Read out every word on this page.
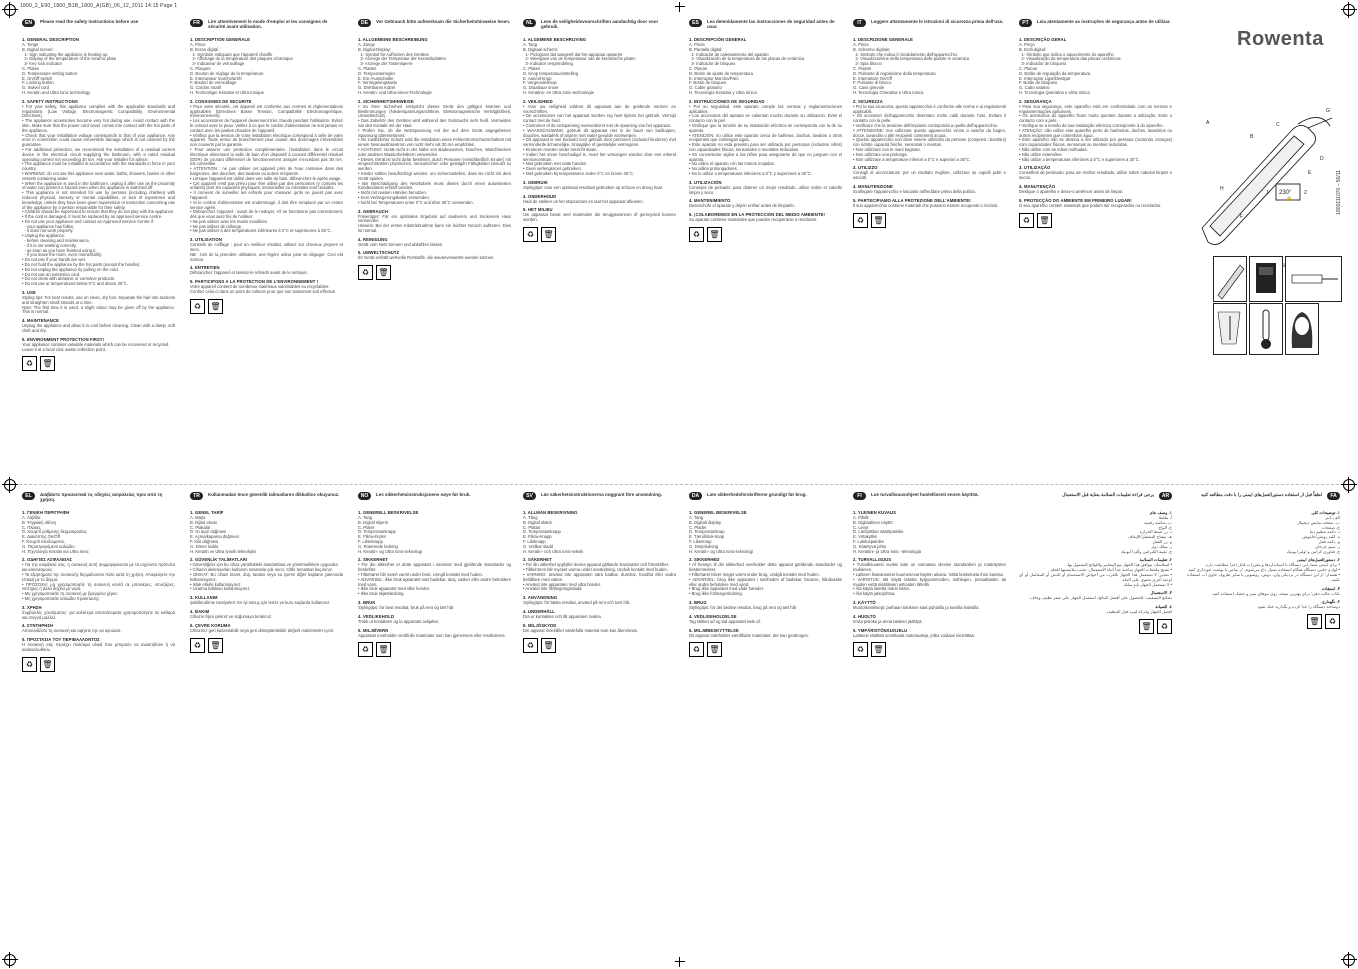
1800_2_E90_1800_B1B_1800_A(GB)_06_12_2011 14:15 Page 1
EN	Please read the safety instructions before use
1. GENERAL DESCRIPTION
A. Tongs
B. Digital screen:
1- Sign indicating the appliance is heating up
2- Display of the temperature of the ceramic plate
3- Key lock indicator
C. Plates
D. Temperature setting button
E. On/Off switch
F. Locking button
G. Swivel cord
H. Keratin and Ultra Ionic technology
2. SAFETY INSTRUCTIONS
• For your safety, this appliance complies with the applicable standards and regulations (Low Voltage, Electromagnetic Compatibility, Environmental Directives).
• The appliance accessories become very hot during use. Avoid contact with the skin. Make sure that the power cord never comes into contact with the hot parts of the appliance.
• Check that your installation voltage corresponds to that of your appliance. Any error in connection could cause irreversible damage which is not covered by the guarantee.
• For additional protection, we recommend the installation of a residual current device in the electrical circuit supplying the bathroom, with a rated residual operating current not exceeding 30 mA. Ask your installer for advice.
• The appliance must be installed in accordance with the standards in force in your country.
• WARNING: do not use this appliance near water, baths, showers, basins or other vessels containing water.
• When the appliance is used in the bathroom, unplug it after use as the proximity of water can present a hazard even when the appliance is switched off.
• This appliance is not intended for use by persons (including children) with reduced physical, sensory or mental capabilities, or lack of experience and knowledge, unless they have been given supervision or instruction concerning use of the appliance by a person responsible for their safety.
• Children should be supervised to ensure that they do not play with the appliance.
• If the cord is damaged, it must be replaced by an approved service centre.
• Do not use your appliance and contact an Approved Service Centre if:
- your appliance has fallen,
- it does not work properly.
• Unplug the appliance:
- before cleaning and maintenance,
- if it is not working correctly,
- as soon as you have finished using it,
- if you leave the room, even momentarily.
• Do not use if your hands are wet.
• Do not hold the appliance by the hot parts (except the handle).
• Do not unplug the appliance by pulling on the cord.
• Do not use an extension cord.
• Do not clean with abrasive or corrosive products.
• Do not use at temperatures below 0°C and above 35°C.
3. USE
Styling tips: For best results, use on clean, dry hair. Separate the hair into sections and straighten small strands at a time.
Note: The first time it is used, a slight odour may be given off by the appliance. This is normal.
4. MAINTENANCE
Unplug the appliance and allow it to cool before cleaning. Clean with a damp, soft cloth and dry.
5. ENVIRONMENT PROTECTION FIRST!
Your appliance contains valuable materials which can be recovered or recycled.
Leave it at a local civic waste collection point.
♻	🗑
FR	Lire attentivement le mode d'emploi et les consignes de sécurité avant utilisation.
1. DESCRIPTION GENERALE
A. Pince
B. Ecran digital :
1- Symbole indiquant que l'appareil chauffe
2- Affichage de la température des plaques céramique
3- Indicateur de verrouillage
C. Plaques
D. Bouton de réglage de la température
E. Interrupteur marche/arrêt
F. Bouton de verrouillage
G. Cordon rotatif
H. Technologie Kératine et Ultra Ionique
2. CONSIGNES DE SECURITE
• Pour votre sécurité, cet appareil est conforme aux normes et réglementations applicables (Directives Basse Tension, Compatibilité Electromagnétique, Environnement).
• Les accessoires de l'appareil deviennent très chauds pendant l'utilisation. Evitez le contact avec la peau. Veillez à ce que le cordon d'alimentation ne soit jamais en contact avec les parties chaudes de l'appareil.
• Vérifiez que la tension de votre installation électrique correspond à celle de votre appareil. Toute erreur de branchement peut causer des dommages irréversibles non couverts par la garantie.
• Pour assurer une protection complémentaire, l'installation dans le circuit électrique alimentant la salle de bain d'un dispositif à courant différentiel résiduel (DDR) de courant différentiel de fonctionnement assigné n'excédant pas 30 mA, est conseillée.
• ATTENTION : ne pas utiliser cet appareil près de l'eau contenue dans des baignoires, des douches, des lavabos ou autres récipients.
• Lorsque l'appareil est utilisé dans une salle de bain, débranchez-le après usage.
• Cet appareil n'est pas prévu pour être utilisé par des personnes (y compris les enfants) dont les capacités physiques, sensorielles ou mentales sont réduites.
• Il convient de surveiller les enfants pour s'assurer qu'ils ne jouent pas avec l'appareil.
• Si le cordon d'alimentation est endommagé, il doit être remplacé par un centre service agréé.
• Débranchez l'appareil : avant de le nettoyer, s'il ne fonctionne pas correctement, dès que vous avez fini de l'utiliser.
• Ne pas utiliser avec les mains mouillées.
• Ne pas utiliser de rallonge.
• Ne pas utiliser à des températures inférieures à 0°C et supérieures à 35°C.
3. UTILISATION
Conseils de coiffage : pour un meilleur résultat, utilisez sur cheveux propres et secs.
NB : lors de la première utilisation, une légère odeur peut se dégager. Ceci est normal.
4. ENTRETIEN
Débranchez l'appareil et laissez-le refroidir avant de le nettoyer.
5. PARTICIPONS A LA PROTECTION DE L'ENVIRONNEMENT !
Votre appareil contient de nombreux matériaux valorisables ou recyclables.
Confiez celui-ci dans un point de collecte pour que son traitement soit effectué.
♻	🗑
DE	Vor Gebrauch bitte aufmerksam die Sicherheitshinweise lesen.
1. ALLGEMEINE BESCHREIBUNG
A. Zange
B. Digital-Display:
1- Symbol für Aufheizen des Gerätes
2- Anzeige der Temperatur der Keramikplatten
3- Anzeige der Tastensperre
C. Platten
D. Temperaturregler
E. Ein-/Ausschalter
F. Verriegelungstaste
G. Drehbares Kabel
H. Keratin- und Ultra-Ionen-Technologie
2. SICHERHEITSHINWEISE
• Zu Ihrer Sicherheit entspricht dieses Gerät den gültigen Normen und Bestimmungen (Niederspannungsrichtlinie, Elektromagnetische Verträglichkeit, Umweltschutz).
• Das Zubehör des Gerätes wird während des Gebrauchs sehr heiß. Vermeiden Sie den Kontakt mit der Haut.
• Prüfen Sie, ob die Netzspannung mit der auf dem Gerät angegebenen Spannung übereinstimmt.
• Als zusätzlicher Schutz wird die Installation eines Fehlerstromschutzschalters mit einem Nennauslösestrom von nicht mehr als 30 mA empfohlen.
• ACHTUNG: Gerät nicht in der Nähe von Badewannen, Duschen, Waschbecken oder anderen Wasserbehältern verwenden.
• Dieses Gerät ist nicht dafür bestimmt, durch Personen (einschließlich Kinder) mit eingeschränkten physischen, sensorischen oder geistigen Fähigkeiten benutzt zu werden.
• Kinder sollten beaufsichtigt werden, um sicherzustellen, dass sie nicht mit dem Gerät spielen.
• Bei Beschädigung des Netzkabels muss dieses durch einen autorisierten Kundendienst ersetzt werden.
• Nicht mit nassen Händen benutzen.
• Kein Verlängerungskabel verwenden.
• Nicht bei Temperaturen unter 0°C und über 35°C verwenden.
3. GEBRAUCH
Frisiertipps: Für ein optimales Ergebnis auf sauberem und trockenem Haar verwenden.
Hinweis: Bei der ersten Inbetriebnahme kann ein leichter Geruch auftreten. Dies ist normal.
4. REINIGUNG
Gerät vom Netz trennen und abkühlen lassen.
5. UMWELTSCHUTZ
Ihr Gerät enthält wertvolle Rohstoffe, die wiederverwertet werden können.
♻	🗑
NL	Lees de veiligheidsvoorschriften aandachtig door voor gebruik.
1. ALGEMENE BESCHRIJVING
A. Tang
B. Digitaal scherm:
1- Pictogram dat aangeeft dat het apparaat opwarmt
2- Weergave van de temperatuur van de keramische platen
3- Indicator vergrendeling
C. Platen
D. Knop temperatuurinstelling
E. Aan/uit-knop
F. Vergrendelknop
G. Draaibaar snoer
H. Keratine- en Ultra Ionic-technologie
2. VEILIGHEID
• Voor uw veiligheid voldoet dit apparaat aan de geldende normen en voorschriften.
• De accessoires van het apparaat worden erg heet tijdens het gebruik. Vermijd contact met de huid.
• Controleer of de netspanning overeenkomt met de spanning van het apparaat.
• WAARSCHUWING: gebruik dit apparaat niet in de buurt van badkuipen, douches, wastafels of andere met water gevulde voorwerpen.
• Dit apparaat is niet bedoeld voor gebruik door personen (inclusief kinderen) met verminderde lichamelijke, zintuiglijke of geestelijke vermogens.
• Kinderen moeten onder toezicht staan.
• Indien het snoer beschadigd is, moet het vervangen worden door een erkend servicecentrum.
• Niet gebruiken met natte handen.
• Geen verlengsnoer gebruiken.
• Niet gebruiken bij temperaturen onder 0°C en boven 35°C.
3. GEBRUIK
Stylingtips: voor een optimaal resultaat gebruiken op schoon en droog haar.
4. ONDERHOUD
Haal de stekker uit het stopcontact en laat het apparaat afkoelen.
5. HET MILIEU
Uw apparaat bevat veel materialen die teruggewonnen of gerecycled kunnen worden.
♻	🗑
ES	Lea detenidamente las instrucciones de seguridad antes de usar.
1. DESCRIPCIÓN GENERAL
A. Pinza
B. Pantalla digital:
1- Indicador de calentamiento del aparato
2- Visualización de la temperatura de las placas de cerámica
3- Indicador de bloqueo
C. Placas
D. Botón de ajuste de temperatura
E. Interruptor Marcha/Paro
F. Botón de bloqueo
G. Cable giratorio
H. Tecnología Keratina y Ultra Iónica
2. INSTRUCCIONES DE SEGURIDAD
• Por su seguridad, este aparato cumple las normas y reglamentaciones aplicables.
• Los accesorios del aparato se calientan mucho durante su utilización. Evite el contacto con la piel.
• Verifique que la tensión de su instalación eléctrica se corresponda con la de su aparato.
• ATENCIÓN: no utilice este aparato cerca de bañeras, duchas, lavabos u otros recipientes que contengan agua.
• Este aparato no está previsto para ser utilizado por personas (incluidos niños) con capacidades físicas, sensoriales o mentales reducidas.
• Es conveniente vigilar a los niños para asegurarse de que no jueguen con el aparato.
• No utilice el aparato con las manos mojadas.
• No utilice prolongadores.
• No lo utilice a temperaturas inferiores a 0°C y superiores a 35°C.
3. UTILIZACIÓN
Consejos de peinado: para obtener un mejor resultado, utilice sobre el cabello limpio y seco.
4. MANTENIMIENTO
Desenchufe el aparato y déjelo enfriar antes de limpiarlo.
5. ¡COLABOREMOS EN LA PROTECCIÓN DEL MEDIO AMBIENTE!
Su aparato contiene materiales que pueden recuperarse o reciclarse.
♻	🗑
IT	Leggere attentamente le istruzioni di sicurezza prima dell'uso.
1. DESCRIZIONE GENERALE
A. Pinza
B. Schermo digitale:
1- Simbolo che indica il riscaldamento dell'apparecchio
2- Visualizzazione della temperatura delle piastre in ceramica
3- Spia blocco
C. Piastre
D. Pulsante di regolazione della temperatura
E. Interruttore On/Off
F. Pulsante di blocco
G. Cavo girevole
H. Tecnologia Cheratina e Ultra Ionica
2. SICUREZZA
• Per la sua sicurezza, questo apparecchio è conforme alle norme e ai regolamenti applicabili.
• Gli accessori dell'apparecchio diventano molto caldi durante l'uso. Evitare il contatto con la pelle.
• Verificare che la tensione dell'impianto corrisponda a quella dell'apparecchio.
• ATTENZIONE: non utilizzare questo apparecchio vicino a vasche da bagno, docce, lavandini o altri recipienti contenenti acqua.
• Questo apparecchio non deve essere utilizzato da persone (compresi i bambini) con ridotte capacità fisiche, sensoriali o mentali.
• Non utilizzare con le mani bagnate.
• Non utilizzare una prolunga.
• Non utilizzare a temperature inferiori a 0°C e superiori a 35°C.
3. UTILIZZO
Consigli di acconciatura: per un risultato migliore, utilizzare su capelli puliti e asciutti.
4. MANUTENZIONE
Scollegare l'apparecchio e lasciarlo raffreddare prima della pulizia.
5. PARTECIPIAMO ALLA PROTEZIONE DELL'AMBIENTE!
Il suo apparecchio contiene materiali che possono essere recuperati o riciclati.
♻	🗑
PT	Leia atentamente as instruções de segurança antes de utilizar.
1. DESCRIÇÃO GERAL
A. Pinça
B. Ecrã digital:
1- Símbolo que indica o aquecimento do aparelho
2- Visualização da temperatura das placas cerâmicas
3- Indicador de bloqueio
C. Placas
D. Botão de regulação da temperatura
E. Interruptor Ligar/Desligar
F. Botão de bloqueio
G. Cabo rotativo
H. Tecnologia Queratina e Ultra Iónica
2. SEGURANÇA
• Para sua segurança, este aparelho está em conformidade com as normas e regulamentações aplicáveis.
• Os acessórios do aparelho ficam muito quentes durante a utilização. Evite o contacto com a pele.
• Verifique se a tensão da sua instalação eléctrica corresponde à do aparelho.
• ATENÇÃO: não utilize este aparelho perto de banheiras, duches, lavatórios ou outros recipientes que contenham água.
• Este aparelho não se destina a ser utilizado por pessoas (incluindo crianças) com capacidades físicas, sensoriais ou mentais reduzidas.
• Não utilize com as mãos molhadas.
• Não utilize extensões.
• Não utilize a temperaturas inferiores a 0°C e superiores a 35°C.
3. UTILIZAÇÃO
Conselhos de penteado: para um melhor resultado, utilize sobre cabelos limpos e secos.
4. MANUTENÇÃO
Desligue o aparelho e deixe-o arrefecer antes de limpar.
5. PROTECÇÃO DO AMBIENTE EM PRIMEIRO LUGAR!
O seu aparelho contém materiais que podem ser recuperados ou reciclados.
♻	🗑
EL	Διαβάστε προσεκτικά τις οδηγίες ασφαλείας πριν από τη χρήση.
1. ΓΕΝΙΚΗ ΠΕΡΙΓΡΑΦΗ
A. Λαβίδα
B. Ψηφιακή οθόνη
C. Πλάκες
D. Κουμπί ρύθμισης θερμοκρασίας
E. Διακόπτης On/Off
F. Κουμπί κλειδώματος
G. Περιστρεφόμενο καλώδιο
H. Τεχνολογία Keratin και Ultra Ionic
2. ΟΔΗΓΙΕΣ ΑΣΦΑΛΕΙΑΣ
• Για την ασφάλειά σας, η συσκευή αυτή συμμορφώνεται με τα ισχύοντα πρότυπα και κανονισμούς.
• Τα εξαρτήματα της συσκευής θερμαίνονται πολύ κατά τη χρήση. Αποφεύγετε την επαφή με το δέρμα.
• ΠΡΟΣΟΧΗ: μη χρησιμοποιείτε τη συσκευή κοντά σε μπανιέρες, ντουζιέρες, νιπτήρες ή άλλα δοχεία με νερό.
• Μη χρησιμοποιείτε τη συσκευή με βρεγμένα χέρια.
• Μη χρησιμοποιείτε καλώδιο προέκτασης.
3. ΧΡΗΣΗ
Συμβουλές χτενίσματος: για καλύτερα αποτελέσματα χρησιμοποιήστε σε καθαρά και στεγνά μαλλιά.
4. ΣΥΝΤΗΡΗΣΗ
Αποσυνδέστε τη συσκευή και αφήστε την να κρυώσει.
5. ΠΡΟΣΤΑΣΙΑ ΤΟΥ ΠΕΡΙΒΑΛΛΟΝΤΟΣ
Η συσκευή σας περιέχει πολύτιμα υλικά που μπορούν να ανακτηθούν ή να ανακυκλωθούν.
♻	🗑
TR	Kullanmadan önce güvenlik talimatlarını dikkatlice okuyunuz.
1. GENEL TARİF
A. Maşa
B. Dijital ekran
C. Plakalar
D. Isı ayar düğmesi
E. Açma/kapama düğmesi
F. Kilit düğmesi
G. Döner kablo
H. Keratin ve Ultra İyonik teknolojisi
2. GÜVENLİK TALİMATLARI
• Güvenliğiniz için bu cihaz yürürlükteki standartlara ve yönetmeliklere uygundur.
• Cihazın aksesuarları kullanım sırasında çok ısınır. Ciltle temastan kaçınınız.
• DİKKAT: Bu cihazı küvet, duş, lavabo veya su içeren diğer kapların yakınında kullanmayınız.
• Islak ellerle kullanmayınız.
• Uzatma kablosu kullanmayınız.
3. KULLANIM
Şekillendirme tavsiyeleri: En iyi sonuç için temiz ve kuru saçlarda kullanınız.
4. BAKIM
Cihazın fişini çekiniz ve soğumaya bırakınız.
5. ÇEVRE KORUMA
Cihazınız geri kazanılabilir veya geri dönüştürülebilir değerli malzemeler içerir.
♻	🗑
NO	Les sikkerhetsinstruksjonene nøye før bruk.
1. GENERELL BESKRIVELSE
A. Tang
B. Digital skjerm
C. Plater
D. Temperaturknapp
E. På/av-bryter
F. Låseknapp
G. Roterende ledning
H. Keratin- og Ultra Ionic-teknologi
2. SIKKERHET
• For din sikkerhet er dette apparatet i samsvar med gjeldende standarder og forskrifter.
• Tilbehøret blir svært varmt under bruk. Unngå kontakt med huden.
• ADVARSEL: ikke bruk apparatet nær badekar, dusj, vasker eller andre beholdere med vann.
• Ikke bruk apparatet med våte hender.
• Ikke bruk skjøteledning.
3. BRUK
Stylingtips: for best resultat, bruk på rent og tørt hår.
4. VEDLIKEHOLD
Trekk ut kontakten og la apparatet avkjøles.
5. MILJØVERN
Apparatet inneholder verdifulle materialer som kan gjenvinnes eller resirkuleres.
♻	🗑
SV	Läs säkerhetsinstruktionerna noggrant före användning.
1. ALLMÄN BESKRIVNING
A. Tång
B. Digital skärm
C. Plattor
D. Temperaturknapp
E. På/av-knapp
F. Låsknapp
G. Vridbar sladd
H. Keratin- och Ultra Ionic-teknik
2. SÄKERHET
• För din säkerhet uppfyller denna apparat gällande standarder och föreskrifter.
• Tillbehören blir mycket varma under användning. Undvik kontakt med huden.
• VARNING: använd inte apparaten nära badkar, duschar, handfat eller andra behållare med vatten.
• Använd inte apparaten med våta händer.
• Använd inte förlängningssladd.
3. ANVÄNDNING
Stylingtips: för bästa resultat, använd på rent och torrt hår.
4. UNDERHÅLL
Dra ur kontakten och låt apparaten svalna.
5. MILJÖSKYDD
Din apparat innehåller värdefulla material som kan återvinnas.
♻	🗑
DA	Læs sikkerhedsforskrifterne grundigt før brug.
1. GENEREL BESKRIVELSE
A. Tang
B. Digitalt display
C. Plader
D. Temperaturknap
E. Tænd/sluk-knap
F. Låseknap
G. Drejeledning
H. Keratin- og Ultra Ionic-teknologi
2. SIKKERHED
• Af hensyn til din sikkerhed overholder dette apparat gældende standarder og bestemmelser.
• Tilbehøret bliver meget varmt under brug. Undgå kontakt med huden.
• ADVARSEL: brug ikke apparatet i nærheden af badekar, brusere, håndvaske eller andre beholdere med vand.
• Brug ikke apparatet med våde hænder.
• Brug ikke forlængerledning.
3. BRUG
Stylingtips: for det bedste resultat, brug på rent og tørt hår.
4. VEDLIGEHOLDELSE
Tag stikket ud og lad apparatet køle af.
5. MILJØBESKYTTELSE
Dit apparat indeholder værdifulde materialer, der kan genbruges.
♻	🗑
FI	Lue turvallisuusohjeet huolellisesti ennen käyttöä.
1. YLEINEN KUVAUS
A. Pihdit
B. Digitaalinen näyttö
C. Levyt
D. Lämpötilan säätöpainike
E. Virtakytkin
F. Lukituspainike
G. Kääntyvä johto
H. Keratiini- ja Ultra Ionic -teknologia
2. TURVALLISUUS
• Turvallisuutesi vuoksi laite on voimassa olevien standardien ja määräysten mukainen.
• Laitteen lisävarusteet kuumenevat käytön aikana. Vältä kosketusta ihon kanssa.
• VAROITUS: älä käytä laitetta kylpyammeiden, suihkujen, pesualtaiden tai muiden vettä sisältävien astioiden lähellä.
• Älä käytä laitetta märin käsin.
• Älä käytä jatkojohtoa.
3. KÄYTTÖ
Muotoiluvinkkejä: parhaan tuloksen saat puhtailla ja kuivilla hiuksilla.
4. HUOLTO
Irrota pistoke ja anna laitteen jäähtyä.
5. YMPÄRISTÖNSUOJELU
Laitteesi sisältää arvokkaita materiaaleja, jotka voidaan kierrättää.
♻	🗑
AR
يرجى قراءة تعليمات السلامة بعناية قبل الاستعمال
١. وصف عام
أ. ملقط
ب. شاشة رقمية
ج. ألواح
د. زر ضبط الحرارة
هـ. مفتاح التشغيل/الإيقاف
و. زر القفل
ز. سلك دوار
ح. تقنية الكيراتين وألترا أيونيك
٢. تعليمات السلامة
• لسلامتك، يتوافق هذا الجهاز مع المعايير واللوائح المعمول بها.
• تصبح ملحقات الجهاز ساخنة جداً أثناء الاستعمال. تجنب ملامستها للجلد.
• تحذير: لا تستعمل هذا الجهاز بالقرب من أحواض الاستحمام أو الدش أو المغاسل أو أي أوعية أخرى تحتوي على الماء.
• لا تستعمل الجهاز بأيدٍ مبللة.
٣. الاستعمال
نصائح التصفيف: للحصول على أفضل النتائج، استعمل الجهاز على شعر نظيف وجاف.
٤. الصيانة
افصل الجهاز واتركه ليبرد قبل التنظيف.
♻
🗑
FA
لطفاً قبل از استفاده دستورالعمل‌های ایمنی را با دقت مطالعه کنید
۱. توضیحات کلی
الف. انبر
ب. صفحه نمایش دیجیتال
ج. صفحات
د. دکمه تنظیم دما
ه. کلید روشن/خاموش
و. دکمه قفل
ز. سیم چرخان
ح. فناوری کراتین و اولترا یونیک
۲. دستورالعمل‌های ایمنی
• برای ایمنی شما، این دستگاه با استانداردها و مقررات قابل اجرا مطابقت دارد.
• لوازم جانبی دستگاه هنگام استفاده بسیار داغ می‌شوند. از تماس با پوست خودداری کنید.
• هشدار: از این دستگاه در نزدیکی وان، دوش، روشویی یا سایر ظروف حاوی آب استفاده نکنید.
۳. استفاده
نکات حالت دهی: برای بهترین نتیجه، روی موهای تمیز و خشک استفاده کنید.
۴. نگهداری
دوشاخه دستگاه را جدا کرده و بگذارید خنک شود.
♻
🗑
Rowenta
230°
🔒
A
B
C
D
E
F
G
H
1	2	1800111070 – 50/11
